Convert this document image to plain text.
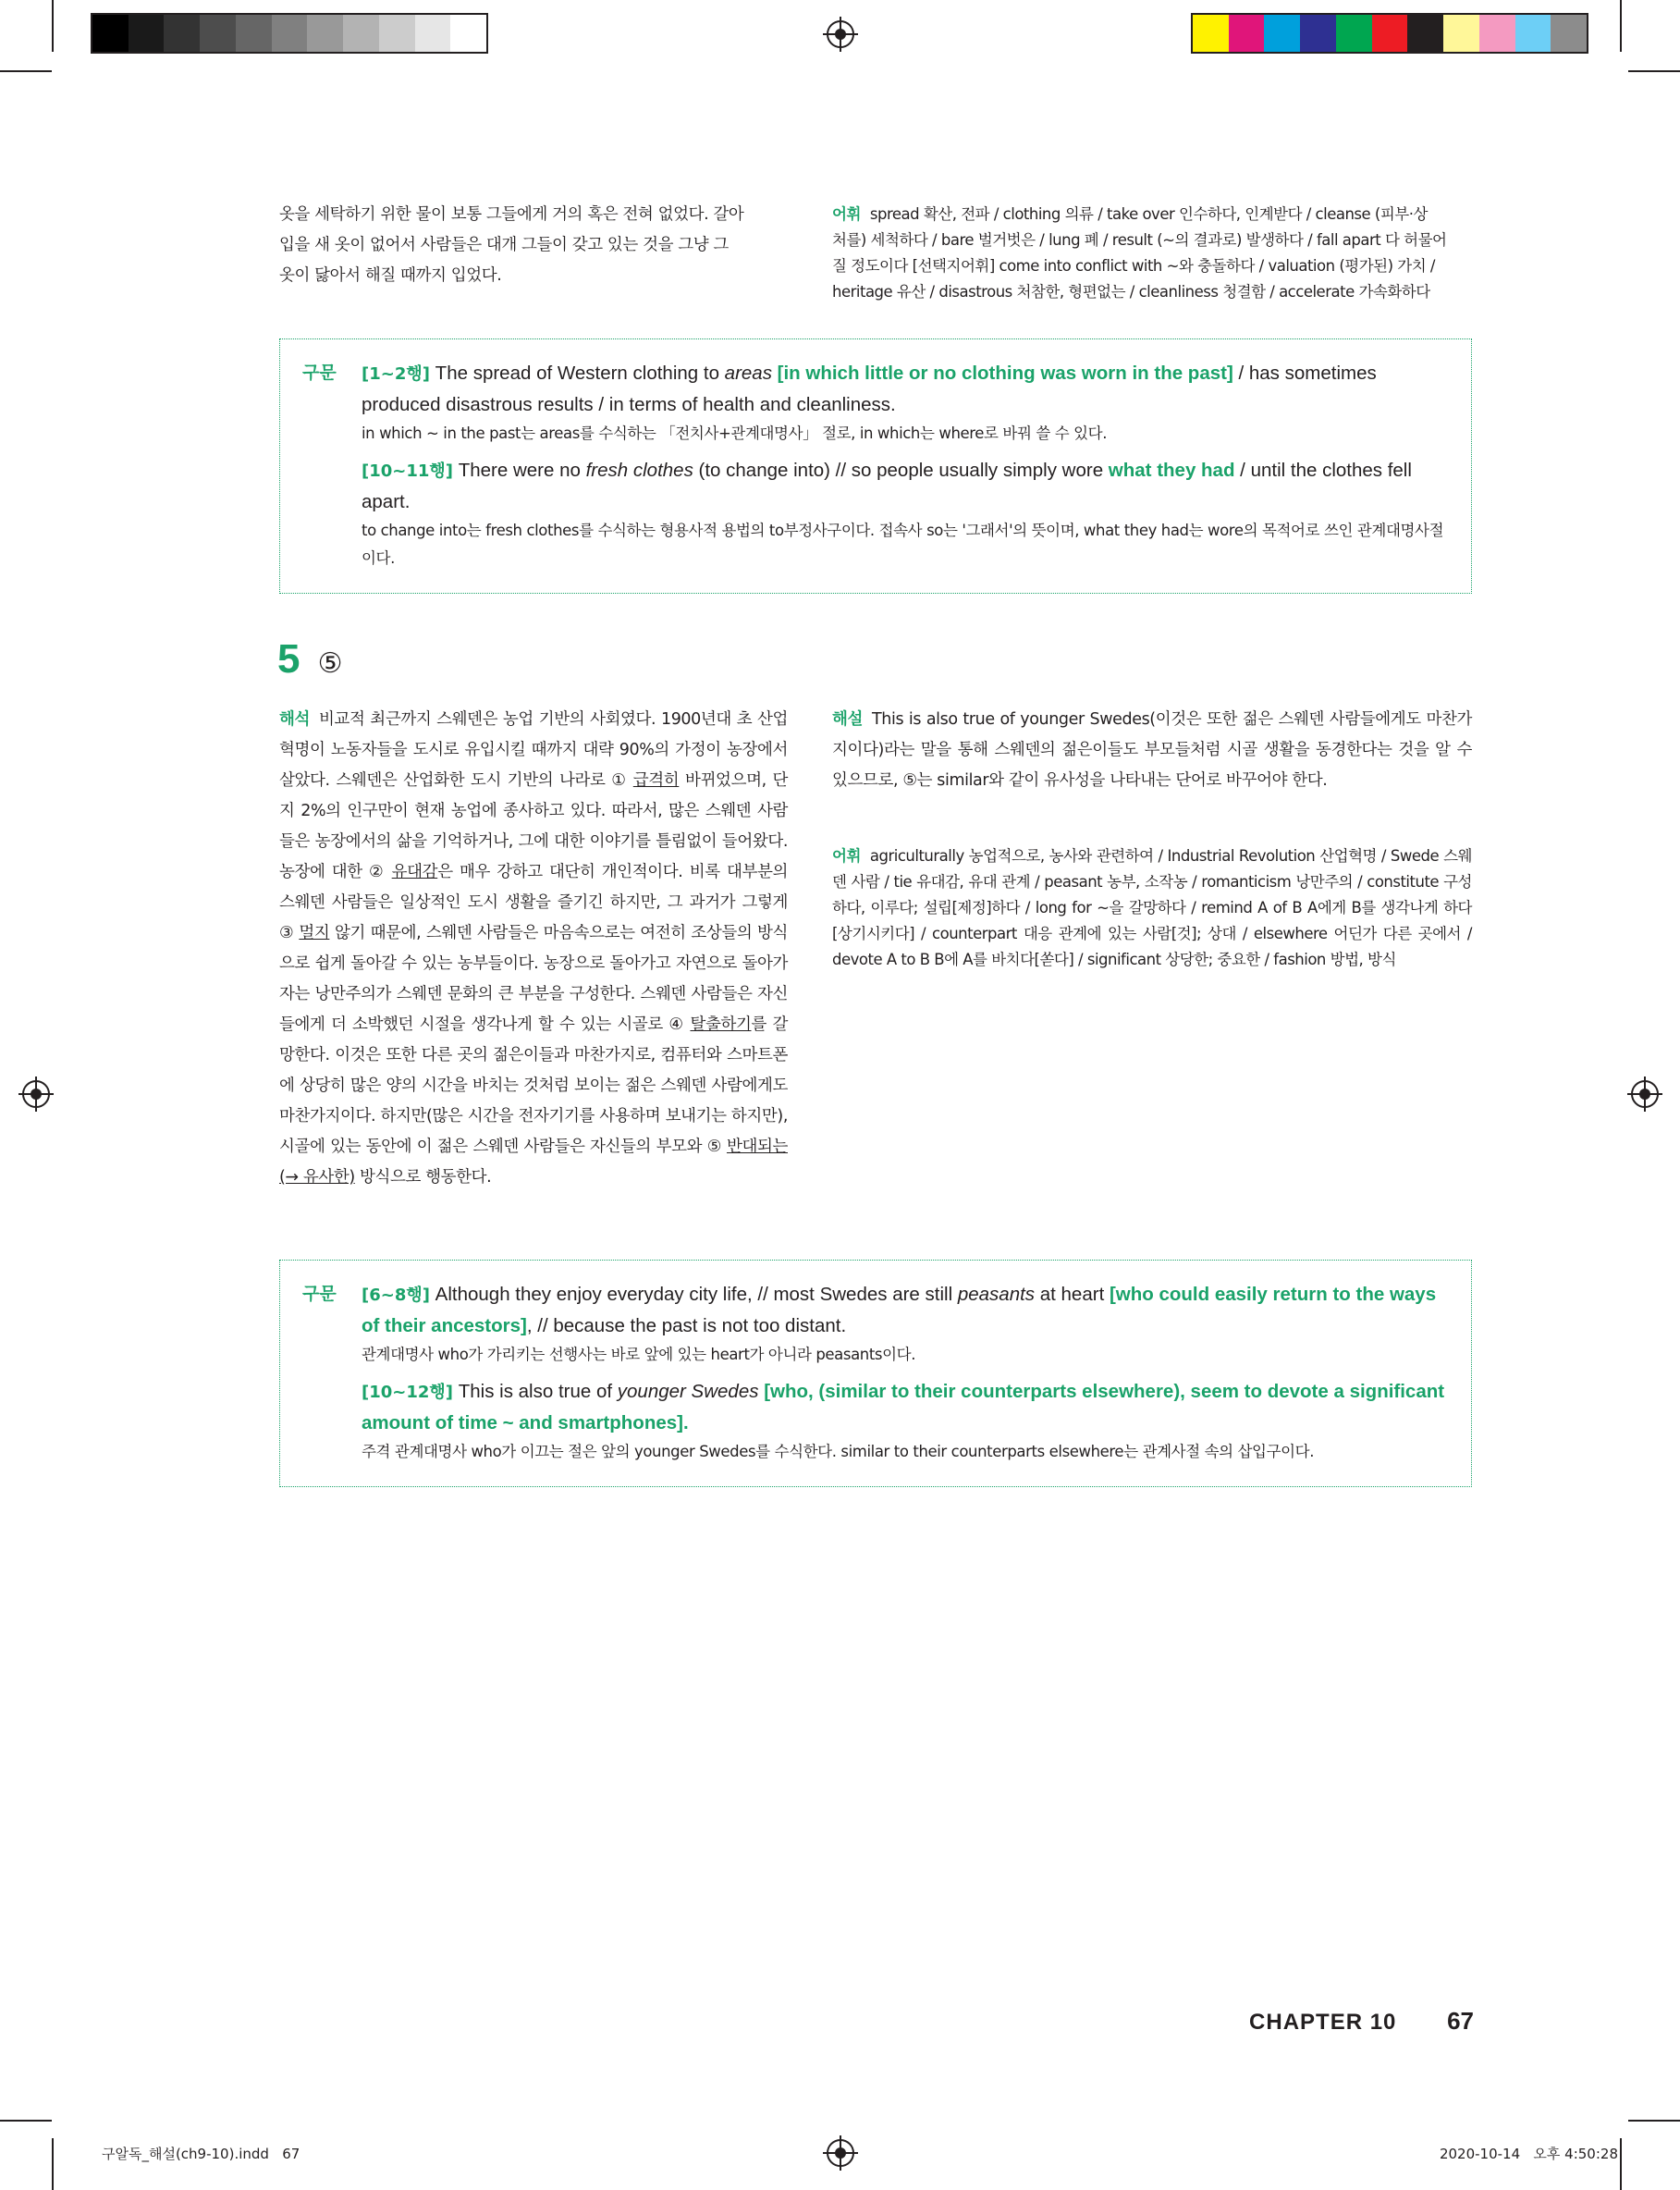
옷을 세탁하기 위한 물이 보통 그들에게 거의 혹은 전혀 없었다. 갈아
입을 새 옷이 없어서 사람들은 대개 그들이 갖고 있는 것을 그냥 그
옷이 닳아서 해질 때까지 입었다.
어휘 spread 확산, 전파 / clothing 의류 / take over 인수하다, 인계받다 / cleanse (피부·상
처를) 세척하다 / bare 벌거벗은 / lung 폐 / result (~의 결과로) 발생하다 / fall apart 다 허물어
질 정도이다 [선택지어휘] come into conflict with ~와 충돌하다 / valuation (평가된) 가치 /
heritage 유산 / disastrous 처참한, 형편없는 / cleanliness 청결함 / accelerate 가속화하다
구문	[1~2행] The spread of Western clothing to areas [in which little or no clothing was worn in the past] / has sometimes produced disastrous results / in terms of health and cleanliness.
in which ~ in the past는 areas를 수식하는 「전치사+관계대명사」 절로, in which는 where로 바꿔 쓸 수 있다.
[10~11행] There were no fresh clothes (to change into) // so people usually simply wore what they had / until the clothes fell apart.
to change into는 fresh clothes를 수식하는 형용사적 용법의 to부정사구이다. 접속사 so는 '그래서'의 뜻이며, what they had는 wore의 목적어로 쓰인 관계대명사절이다.
5 ⑤
해석 비교적 최근까지 스웨덴은 농업 기반의 사회였다. 1900년대 초 산업혁명이 노동자들을 도시로 유입시킬 때까지 대략 90%의 가정이 농장에서 살았다. 스웨덴은 산업화한 도시 기반의 나라로 ① 급격히 바뀌었으며, 단지 2%의 인구만이 현재 농업에 종사하고 있다. 따라서, 많은 스웨덴 사람들은 농장에서의 삶을 기억하거나, 그에 대한 이야기를 틀림없이 들어왔다. 농장에 대한 ② 유대감은 매우 강하고 대단히 개인적이다. 비록 대부분의 스웨덴 사람들은 일상적인 도시 생활을 즐기긴 하지만, 그 과거가 그렇게 ③ 멀지 않기 때문에, 스웨덴 사람들은 마음속으로는 여전히 조상들의 방식으로 쉽게 돌아갈 수 있는 농부들이다. 농장으로 돌아가고 자연으로 돌아가자는 낭만주의가 스웨덴 문화의 큰 부분을 구성한다. 스웨덴 사람들은 자신들에게 더 소박했던 시절을 생각나게 할 수 있는 시골로 ④ 탈출하기를 갈망한다. 이것은 또한 다른 곳의 젊은이들과 마찬가지로, 컴퓨터와 스마트폰에 상당히 많은 양의 시간을 바치는 것처럼 보이는 젊은 스웨덴 사람에게도 마찬가지이다. 하지만(많은 시간을 전자기기를 사용하며 보내기는 하지만), 시골에 있는 동안에 이 젊은 스웨덴 사람들은 자신들의 부모와 ⑤ 반대되는(→ 유사한) 방식으로 행동한다.
해설 This is also true of younger Swedes(이것은 또한 젊은 스웨덴 사람들에게도 마찬가지이다)라는 말을 통해 스웨덴의 젊은이들도 부모들처럼 시골 생활을 동경한다는 것을 알 수 있으므로, ⑤는 similar와 같이 유사성을 나타내는 단어로 바꾸어야 한다.
어휘 agriculturally 농업적으로, 농사와 관련하여 / Industrial Revolution 산업혁명 / Swede 스웨덴 사람 / tie 유대감, 유대 관계 / peasant 농부, 소작농 / romanticism 낭만주의 / constitute 구성하다, 이루다; 설립[제정]하다 / long for ~을 갈망하다 / remind A of B A에게 B를 생각나게 하다[상기시키다] / counterpart 대응 관계에 있는 사람[것]; 상대 / elsewhere 어딘가 다른 곳에서 / devote A to B B에 A를 바치다[쏟다] / significant 상당한; 중요한 / fashion 방법, 방식
구문	[6~8행] Although they enjoy everyday city life, // most Swedes are still peasants at heart [who could easily return to the ways of their ancestors], // because the past is not too distant.
관계대명사 who가 가리키는 선행사는 바로 앞에 있는 heart가 아니라 peasants이다.
[10~12행] This is also true of younger Swedes [who, (similar to their counterparts elsewhere), seem to devote a significant amount of time ~ and smartphones].
주격 관계대명사 who가 이끄는 절은 앞의 younger Swedes를 수식한다. similar to their counterparts elsewhere는 관계사절 속의 삽입구이다.
CHAPTER 10 67
구알독_해설(ch9-10).indd   67	2020-10-14   오후 4:50:28
